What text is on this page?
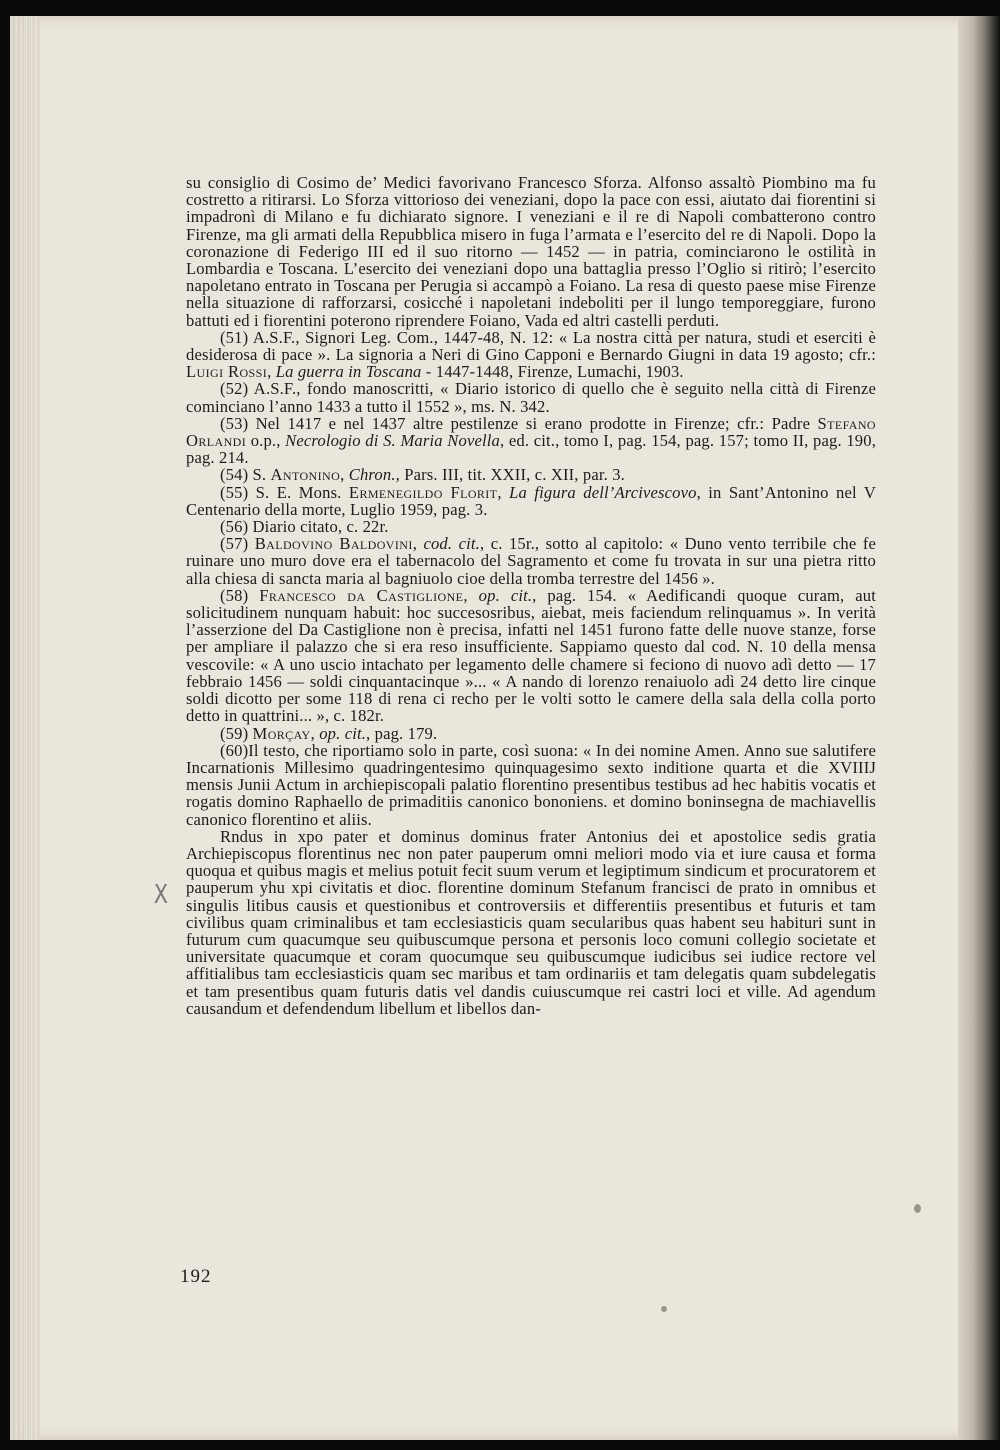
su consiglio di Cosimo de’ Medici favorivano Francesco Sforza. Alfonso assaltò Piombino ma fu costretto a ritirarsi. Lo Sforza vittorioso dei veneziani, dopo la pace con essi, aiutato dai fiorentini si impadronì di Milano e fu dichiarato signore. I veneziani e il re di Napoli combatterono contro Firenze, ma gli armati della Repubblica misero in fuga l’armata e l’esercito del re di Napoli. Dopo la coronazione di Federigo III ed il suo ritorno — 1452 — in patria, cominciarono le ostilità in Lombardia e Toscana. L’esercito dei veneziani dopo una battaglia presso l’Oglio si ritirò; l’esercito napoletano entrato in Toscana per Perugia si accampò a Foiano. La resa di questo paese mise Firenze nella situazione di rafforzarsi, cosicché i napoletani indeboliti per il lungo temporeggiare, furono battuti ed i fiorentini poterono riprendere Foiano, Vada ed altri castelli perduti.

(51) A.S.F., Signori Leg. Com., 1447-48, N. 12: « La nostra città per natura, studi et eserciti è desiderosa di pace ». La signoria a Neri di Gino Capponi e Bernardo Giugni in data 19 agosto; cfr.: Luigi Rossi, La guerra in Toscana - 1447-1448, Firenze, Lumachi, 1903.

(52) A.S.F., fondo manoscritti, « Diario istorico di quello che è seguito nella città di Firenze cominciano l’anno 1433 a tutto il 1552 », ms. N. 342.

(53) Nel 1417 e nel 1437 altre pestilenze si erano prodotte in Firenze; cfr.: Padre Stefano Orlandi o.p., Necrologio di S. Maria Novella, ed. cit., tomo I, pag. 154, pag. 157; tomo II, pag. 190, pag. 214.

(54) S. Antonino, Chron., Pars. III, tit. XXII, c. XII, par. 3.

(55) S. E. Mons. Ermenegildo Florit, La figura dell’Arcivescovo, in Sant’Antonino nel V Centenario della morte, Luglio 1959, pag. 3.

(56) Diario citato, c. 22r.

(57) Baldovino Baldovini, cod. cit., c. 15r., sotto al capitolo: « Duno vento terribile che fe ruinare uno muro dove era el tabernacolo del Sagramento et come fu trovata in sur una pietra ritto alla chiesa di sancta maria al bagniuolo cioe della tromba terrestre del 1456 ».

(58) Francesco da Castiglione, op. cit., pag. 154. « Aedificandi quoque curam, aut solicitudinem nunquam habuit: hoc succesosribus, aiebat, meis faciendum relinquamus ». In verità l’asserzione del Da Castiglione non è precisa, infatti nel 1451 furono fatte delle nuove stanze, forse per ampliare il palazzo che si era reso insufficiente. Sappiamo questo dal cod. N. 10 della mensa vescovile: « A uno uscio intachato per legamento delle chamere si feciono di nuovo adì detto — 17 febbraio 1456 — soldi cinquantacinque »... « A nando di lorenzo renaiuolo adì 24 detto lire cinque soldi dicotto per some 118 di rena ci recho per le volti sotto le camere della sala della colla porto detto in quattrini... », c. 182r.

(59) Morçay, op. cit., pag. 179.

(60)Il testo, che riportiamo solo in parte, così suona: « In dei nomine Amen. Anno sue salutifere Incarnationis Millesimo quadringentesimo quinquagesimo sexto inditione quarta et die XVIIIJ mensis Junii Actum in archiepiscopali palatio florentino presentibus testibus ad hec habitis vocatis et rogatis domino Raphaello de primaditiis canonico bononiens. et domino boninsegna de machiavellis canonico florentino et aliis.

Rndus in xpo pater et dominus dominus frater Antonius dei et apostolice sedis gratia Archiepiscopus florentinus nec non pater pauperum omni meliori modo via et iure causa et forma quoqua et quibus magis et melius potuit fecit suum verum et legiptimum sindicum et procuratorem et pauperum yhu xpi civitatis et dioc. florentine dominum Stefanum francisci de prato in omnibus et singulis litibus causis et questionibus et controversiis et differentiis presentibus et futuris et tam civilibus quam criminalibus et tam ecclesiasticis quam secularibus quas habent seu habituri sunt in futurum cum quacumque seu quibuscumque persona et personis loco comuni collegio societate et universitate quacumque et coram quocumque seu quibuscumque iudicibus sei iudice rectore vel affitialibus tam ecclesiasticis quam sec maribus et tam ordinariis et tam delegatis quam subdelegatis et tam presentibus quam futuris datis vel dandis cuiuscumque rei castri loci et ville. Ad agendum causandum et defendendum libellum et libellos dan-

X
192
